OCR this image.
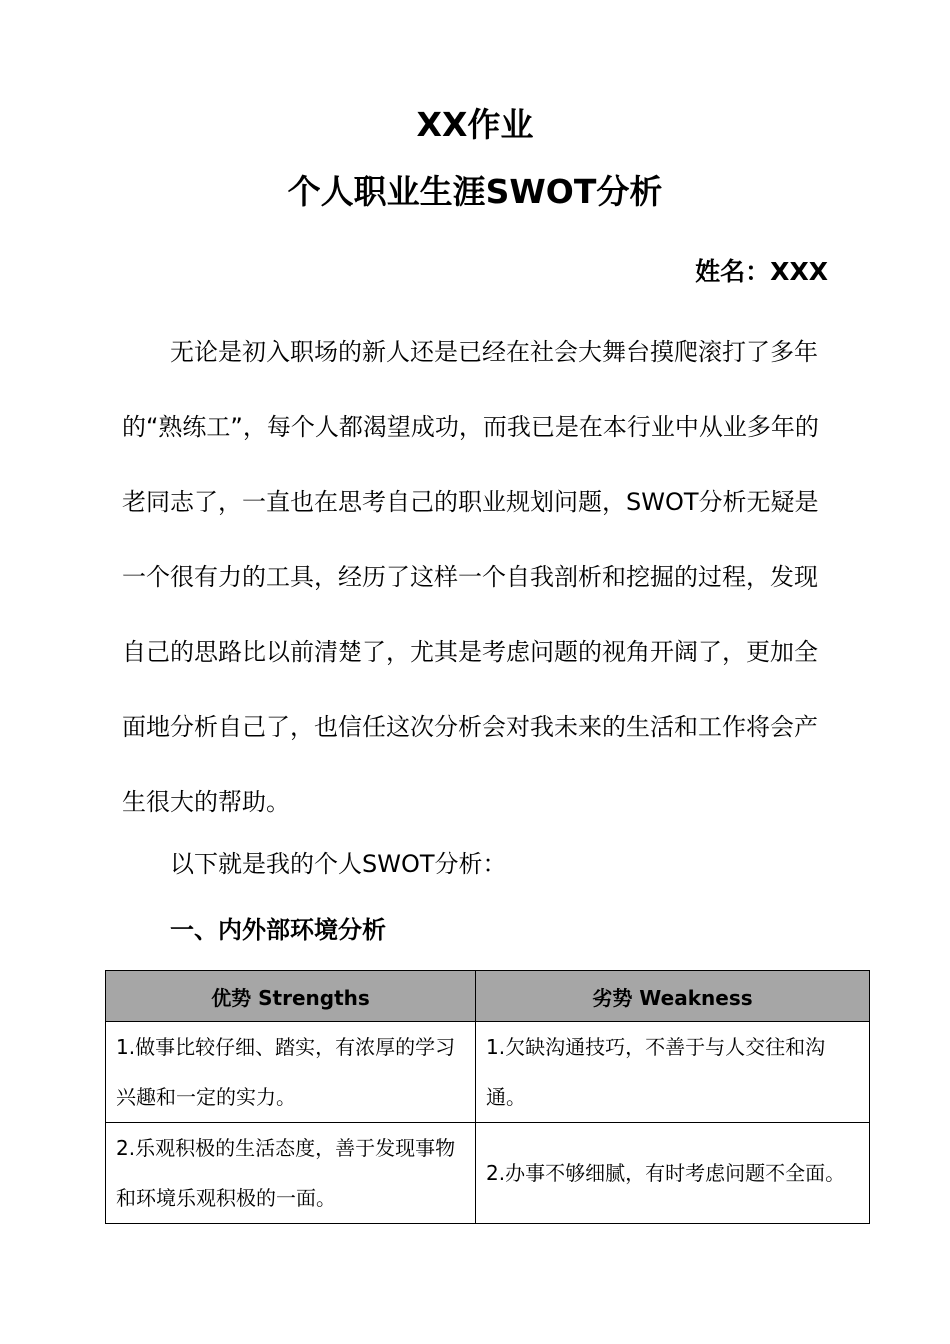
XX作业
个人职业生涯SWOT分析
姓名：XXX

无论是初入职场的新人还是已经在社会大舞台摸爬滚打了多年的“熟练工”，每个人都渴望成功，而我已是在本行业中从业多年的老同志了，一直也在思考自己的职业规划问题，SWOT分析无疑是一个很有力的工具，经历了这样一个自我剖析和挖掘的过程，发现自己的思路比以前清楚了，尤其是考虑问题的视角开阔了，更加全面地分析自己了，也信任这次分析会对我未来的生活和工作将会产生很大的帮助。

以下就是我的个人SWOT分析：
一、内外部环境分析
优势 Strengths	劣势 Weakness

1.做事比较仔细、踏实，有浓厚的学习兴趣和一定的实力。	1.欠缺沟通技巧，不善于与人交往和沟通。

2.乐观积极的生活态度，善于发现事物和环境乐观积极的一面。	2.办事不够细腻，有时考虑问题不全面。
